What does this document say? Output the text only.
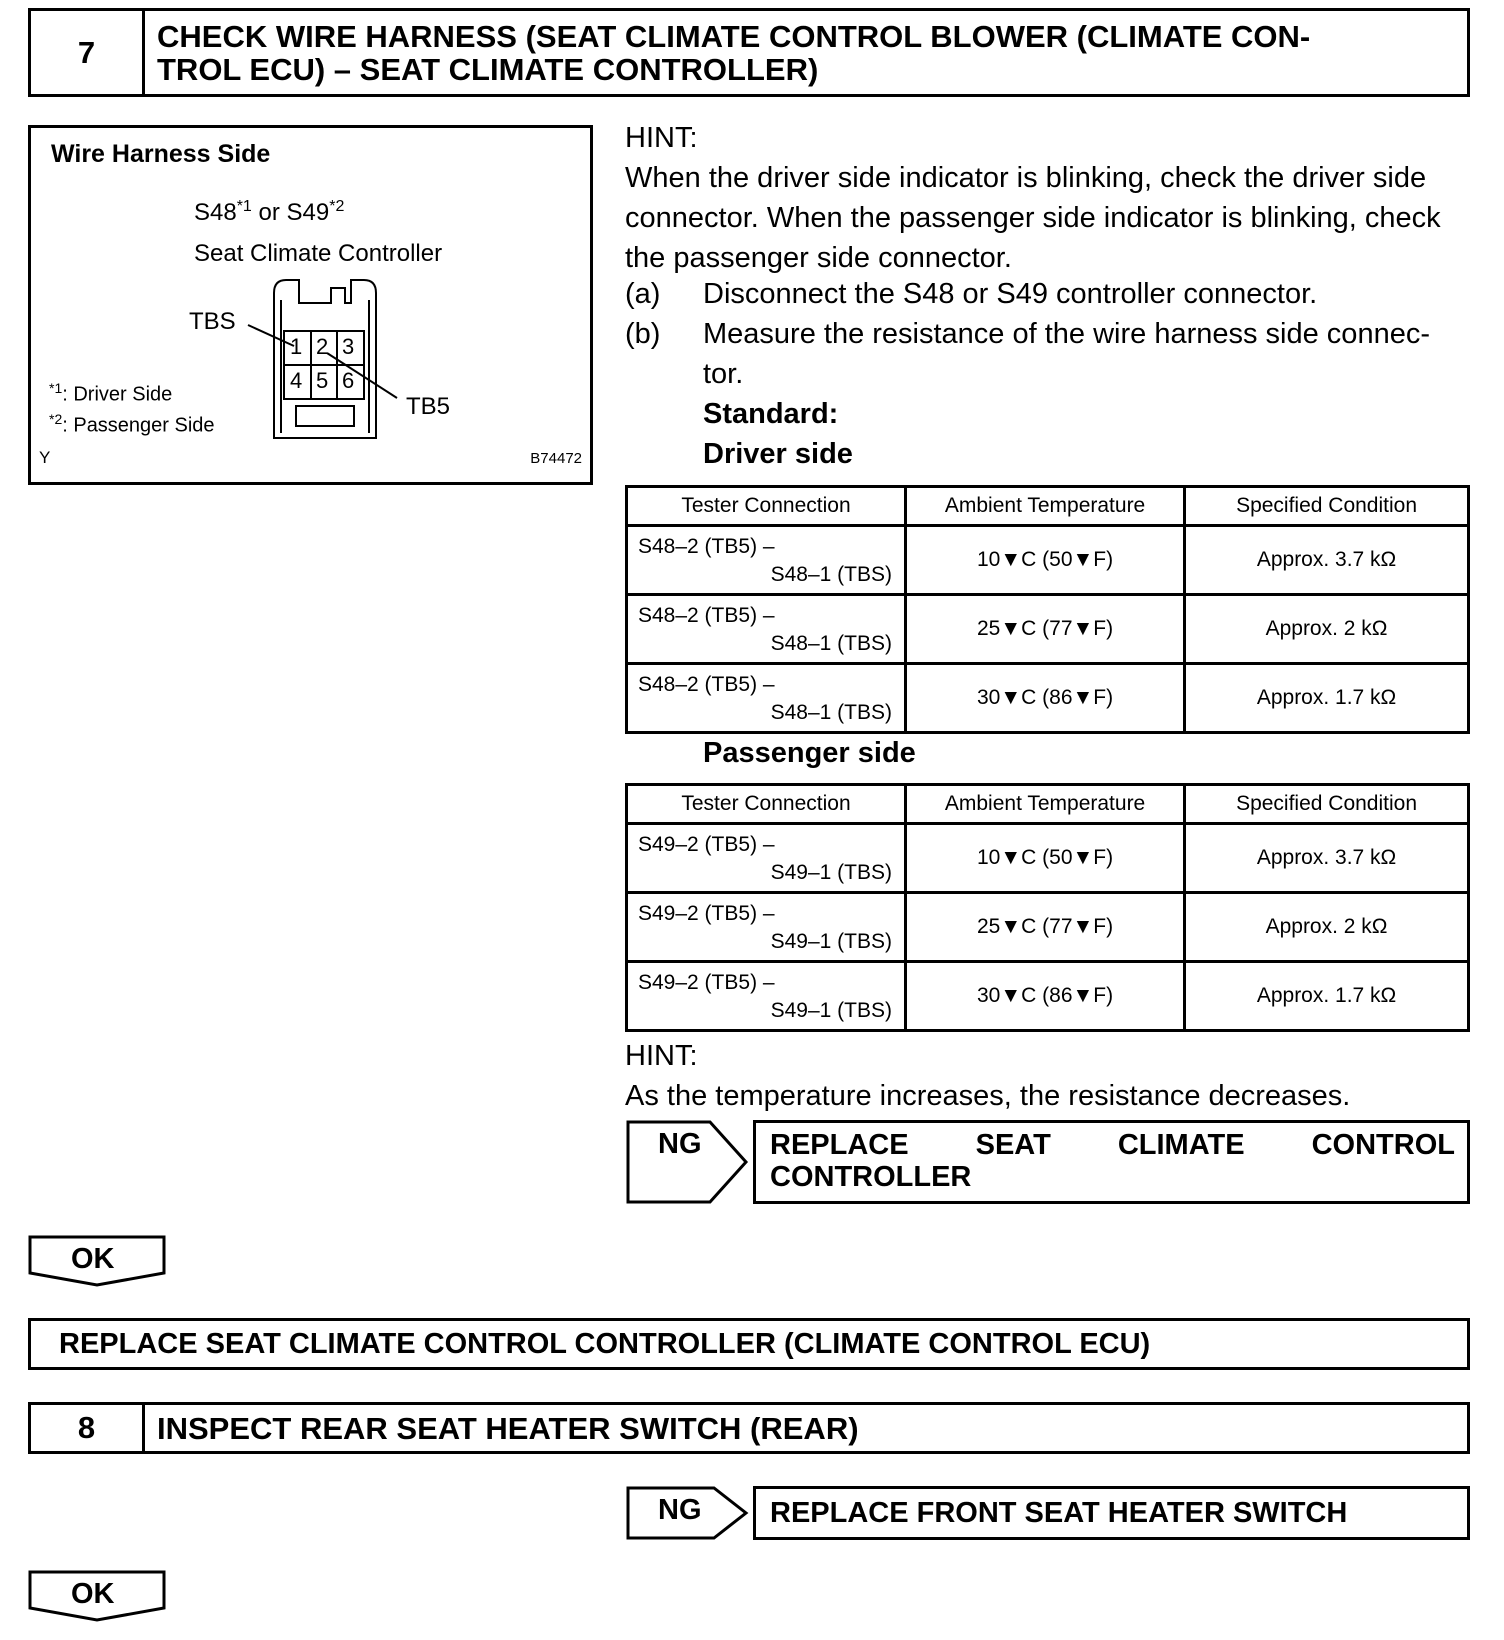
7	CHECK WIRE HARNESS (SEAT CLIMATE CONTROL BLOWER (CLIMATE CON-
TROL ECU) – SEAT CLIMATE CONTROLLER)
Wire Harness Side
S48$^{*1}$ or S49$^{*2}$
Seat Climate Controller
TBS
TB5
1 2 3
4 5 6
$^{*1}$: Driver Side
$^{*2}$: Passenger Side
Y	B74472
HINT:
When the driver side indicator is blinking, check the driver side
connector. When the passenger side indicator is blinking, check
the passenger side connector.
(a) Disconnect the S48 or S49 controller connector.
(b) Measure the resistance of the wire harness side connec-
tor.
Standard:
Driver side
Tester Connection	Ambient Temperature	Specified Condition

S48–2 (TB5) –
S48–1 (TBS)	10▼C (50▼F)	Approx. 3.7 kΩ

S48–2 (TB5) –
S48–1 (TBS)	25▼C (77▼F)	Approx. 2 kΩ

S48–2 (TB5) –
S48–1 (TBS)	30▼C (86▼F)	Approx. 1.7 kΩ
Passenger side
Tester Connection	Ambient Temperature	Specified Condition

S49–2 (TB5) –
S49–1 (TBS)	10▼C (50▼F)	Approx. 3.7 kΩ

S49–2 (TB5) –
S49–1 (TBS)	25▼C (77▼F)	Approx. 2 kΩ

S49–2 (TB5) –
S49–1 (TBS)	30▼C (86▼F)	Approx. 1.7 kΩ
HINT:
As the temperature increases, the resistance decreases.
NG REPLACE SEAT CLIMATE CONTROL
CONTROLLER
OK
REPLACE SEAT CLIMATE CONTROL CONTROLLER (CLIMATE CONTROL ECU)
8	INSPECT REAR SEAT HEATER SWITCH (REAR)
NG REPLACE FRONT SEAT HEATER SWITCH
OK
